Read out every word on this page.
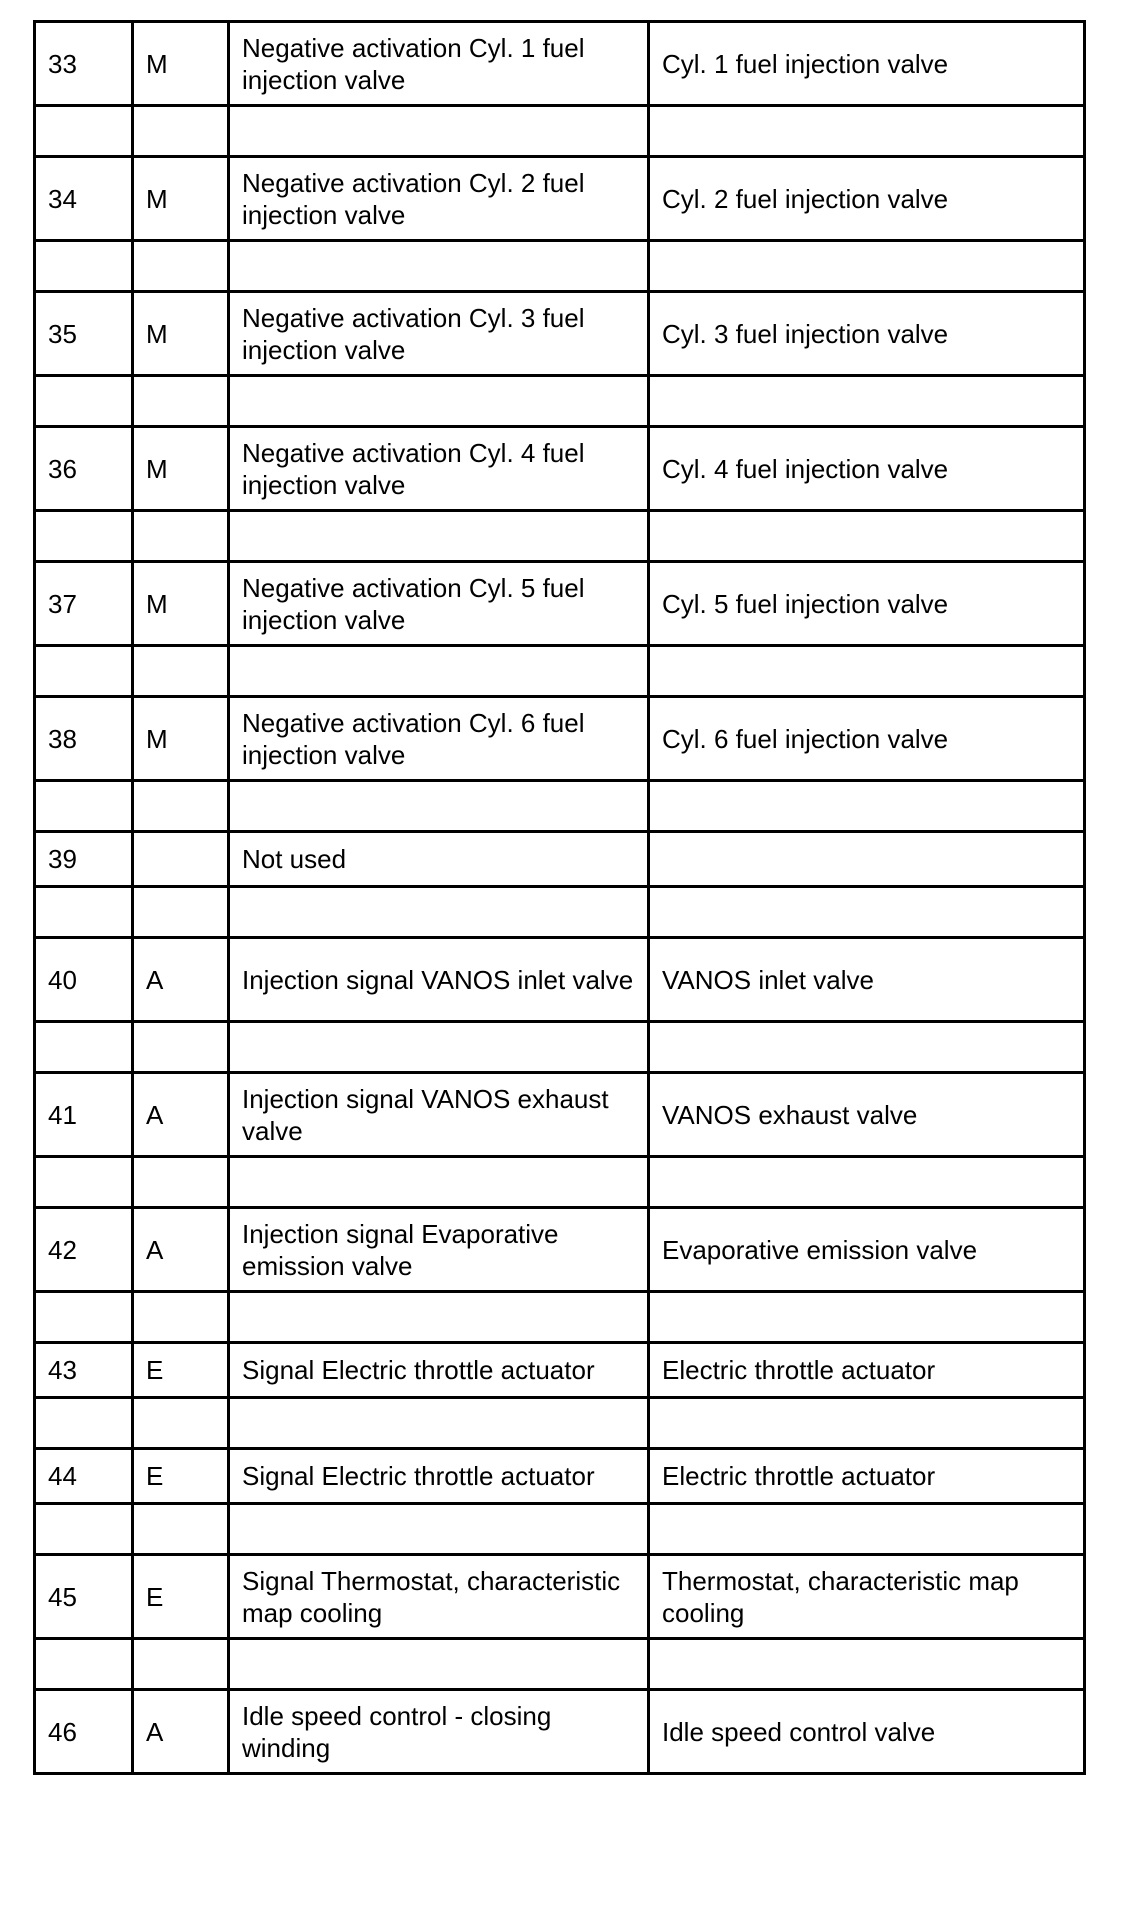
33	M	Negative activation Cyl. 1 fuel injection valve	Cyl. 1 fuel injection valve

34	M	Negative activation Cyl. 2 fuel injection valve	Cyl. 2 fuel injection valve

35	M	Negative activation Cyl. 3 fuel injection valve	Cyl. 3 fuel injection valve

36	M	Negative activation Cyl. 4 fuel injection valve	Cyl. 4 fuel injection valve

37	M	Negative activation Cyl. 5 fuel injection valve	Cyl. 5 fuel injection valve

38	M	Negative activation Cyl. 6 fuel injection valve	Cyl. 6 fuel injection valve

39		Not used	

40	A	Injection signal VANOS inlet valve	VANOS inlet valve

41	A	Injection signal VANOS exhaust valve	VANOS exhaust valve

42	A	Injection signal Evaporative emission valve	Evaporative emission valve

43	E	Signal Electric throttle actuator	Electric throttle actuator

44	E	Signal Electric throttle actuator	Electric throttle actuator

45	E	Signal Thermostat, characteristic map cooling	Thermostat, characteristic map cooling

46	A	Idle speed control - closing winding	Idle speed control valve
